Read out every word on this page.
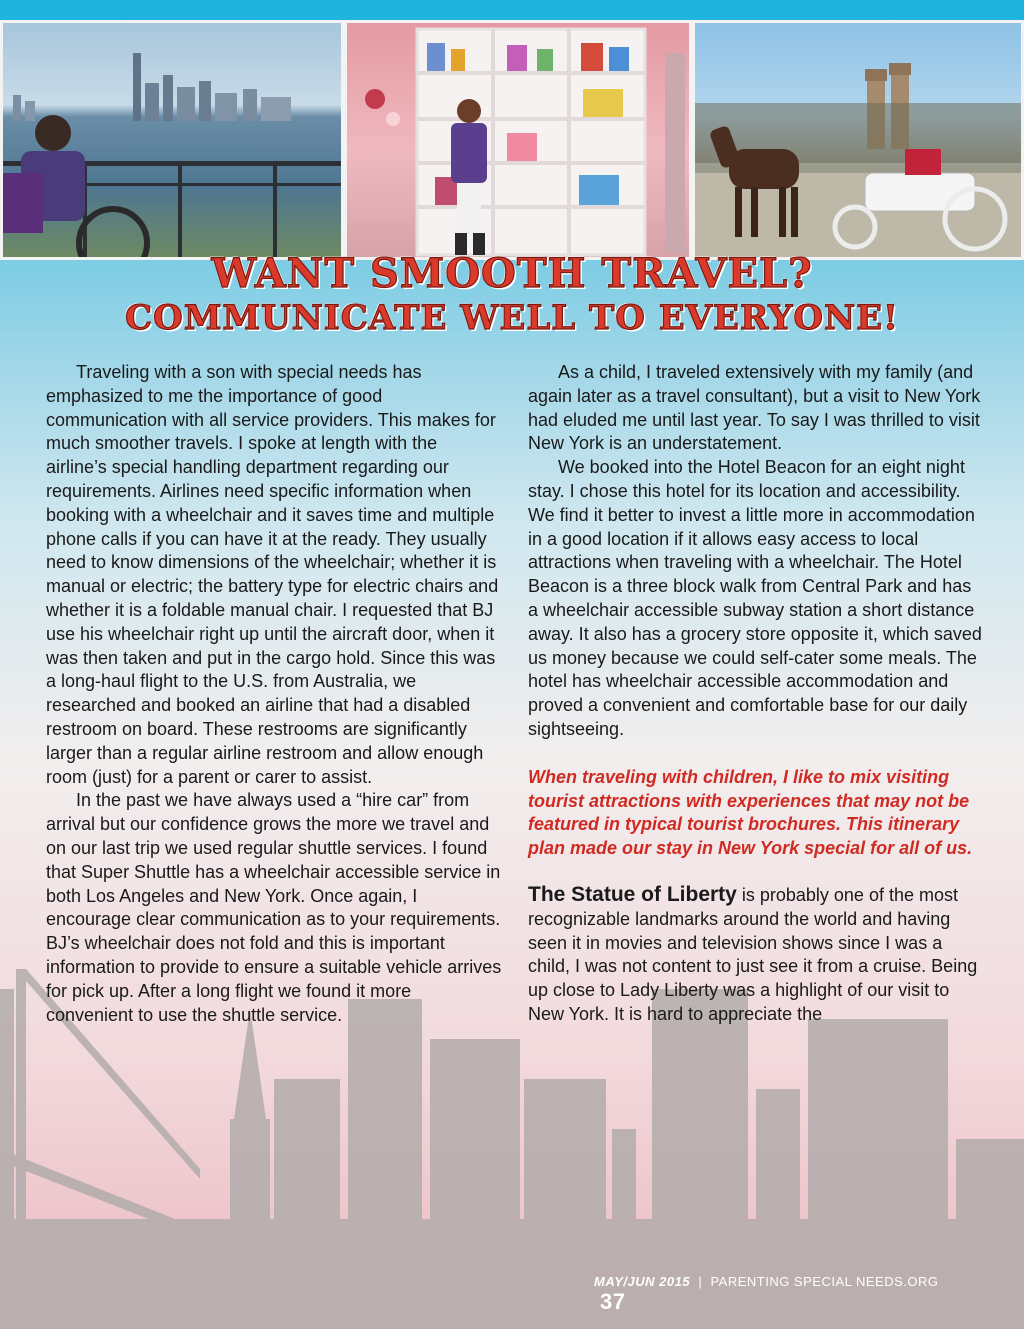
WANT SMOOTH TRAVEL?
COMMUNICATE WELL TO EVERYONE!

Traveling with a son with special needs has emphasized to me the importance of good communication with all service providers. This makes for much smoother travels. I spoke at length with the airline’s special handling department regarding our requirements. Airlines need specific information when booking with a wheelchair and it saves time and multiple phone calls if you can have it at the ready. They usually need to know dimensions of the wheelchair; whether it is manual or electric; the battery type for electric chairs and whether it is a foldable manual chair. I requested that BJ use his wheelchair right up until the aircraft door, when it was then taken and put in the cargo hold. Since this was a long-haul flight to the U.S. from Australia, we researched and booked an airline that had a disabled restroom on board. These restrooms are significantly larger than a regular airline restroom and allow enough room (just) for a parent or carer to assist.

In the past we have always used a “hire car” from arrival but our confidence grows the more we travel and on our last trip we used regular shuttle services. I found that Super Shuttle has a wheelchair accessible service in both Los Angeles and New York. Once again, I encourage clear communication as to your requirements. BJ’s wheelchair does not fold and this is important information to provide to ensure a suitable vehicle arrives for pick up. After a long flight we found it more convenient to use the shuttle service.

As a child, I traveled extensively with my family (and again later as a travel consultant), but a visit to New York had eluded me until last year. To say I was thrilled to visit New York is an understatement.

We booked into the Hotel Beacon for an eight night stay. I chose this hotel for its location and accessibility. We find it better to invest a little more in accommodation in a good location if it allows easy access to local attractions when traveling with a wheelchair. The Hotel Beacon is a three block walk from Central Park and has a wheelchair accessible subway station a short distance away. It also has a grocery store opposite it, which saved us money because we could self-cater some meals. The hotel has wheelchair accessible accommodation and proved a convenient and comfortable base for our daily sightseeing.

When traveling with children, I like to mix visiting tourist attractions with experiences that may not be featured in typical tourist brochures. This itinerary plan made our stay in New York special for all of us.

The Statue of Liberty is probably one of the most recognizable landmarks around the world and having seen it in movies and television shows since I was a child, I was not content to just see it from a cruise. Being up close to Lady Liberty was a highlight of our visit to New York. It is hard to appreciate the

MAY/JUN 2015 | PARENTING SPECIAL NEEDS.ORG 37
